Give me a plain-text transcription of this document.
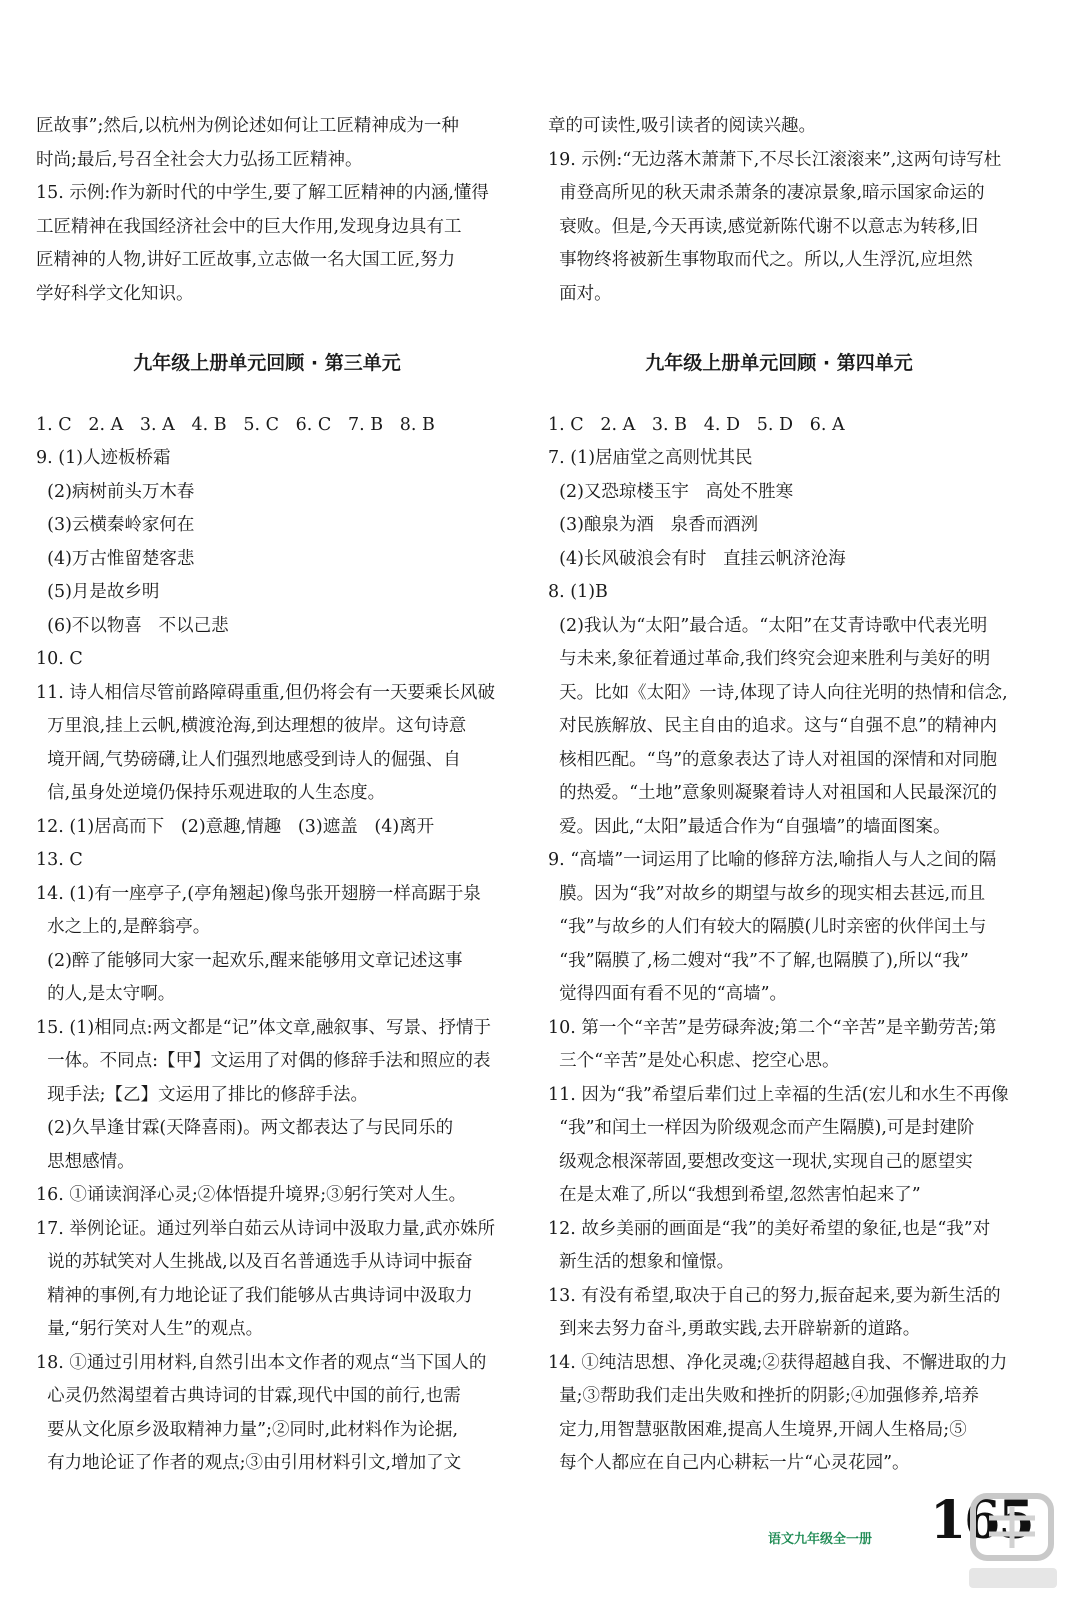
匠故事”;然后,以杭州为例论述如何让工匠精神成为一种
时尚;最后,号召全社会大力弘扬工匠精神。
15. 示例:作为新时代的中学生,要了解工匠精神的内涵,懂得
工匠精神在我国经济社会中的巨大作用,发现身边具有工
匠精神的人物,讲好工匠故事,立志做一名大国工匠,努力
学好科学文化知识。
九年级上册单元回顾 · 第三单元
1. C   2. A   3. A   4. B   5. C   6. C   7. B   8. B
9. (1)人迹板桥霜
(2)病树前头万木春
(3)云横秦岭家何在
(4)万古惟留楚客悲
(5)月是故乡明
(6)不以物喜   不以己悲
10. C
11. 诗人相信尽管前路障碍重重,但仍将会有一天要乘长风破
万里浪,挂上云帆,横渡沧海,到达理想的彼岸。这句诗意
境开阔,气势磅礴,让人们强烈地感受到诗人的倔强、自
信,虽身处逆境仍保持乐观进取的人生态度。
12. (1)居高而下   (2)意趣,情趣   (3)遮盖   (4)离开
13. C
14. (1)有一座亭子,(亭角翘起)像鸟张开翅膀一样高踞于泉
水之上的,是醉翁亭。
(2)醉了能够同大家一起欢乐,醒来能够用文章记述这事
的人,是太守啊。
15. (1)相同点:两文都是“记”体文章,融叙事、写景、抒情于
一体。不同点:【甲】文运用了对偶的修辞手法和照应的表
现手法;【乙】文运用了排比的修辞手法。
(2)久旱逢甘霖(天降喜雨)。两文都表达了与民同乐的
思想感情。
16. ①诵读润泽心灵;②体悟提升境界;③躬行笑对人生。
17. 举例论证。通过列举白茹云从诗词中汲取力量,武亦姝所
说的苏轼笑对人生挑战,以及百名普通选手从诗词中振奋
精神的事例,有力地论证了我们能够从古典诗词中汲取力
量,“躬行笑对人生”的观点。
18. ①通过引用材料,自然引出本文作者的观点“当下国人的
心灵仍然渴望着古典诗词的甘霖,现代中国的前行,也需
要从文化原乡汲取精神力量”;②同时,此材料作为论据,
有力地论证了作者的观点;③由引用材料引文,增加了文
章的可读性,吸引读者的阅读兴趣。
19. 示例:“无边落木萧萧下,不尽长江滚滚来”,这两句诗写杜
甫登高所见的秋天肃杀萧条的凄凉景象,暗示国家命运的
衰败。但是,今天再读,感觉新陈代谢不以意志为转移,旧
事物终将被新生事物取而代之。所以,人生浮沉,应坦然
面对。
九年级上册单元回顾 · 第四单元
1. C   2. A   3. B   4. D   5. D   6. A
7. (1)居庙堂之高则忧其民
(2)又恐琼楼玉宇   高处不胜寒
(3)酿泉为酒   泉香而酒洌
(4)长风破浪会有时   直挂云帆济沧海
8. (1)B
(2)我认为“太阳”最合适。“太阳”在艾青诗歌中代表光明
与未来,象征着通过革命,我们终究会迎来胜利与美好的明
天。比如《太阳》一诗,体现了诗人向往光明的热情和信念,
对民族解放、民主自由的追求。这与“自强不息”的精神内
核相匹配。“鸟”的意象表达了诗人对祖国的深情和对同胞
的热爱。“土地”意象则凝聚着诗人对祖国和人民最深沉的
爱。因此,“太阳”最适合作为“自强墙”的墙面图案。
9. “高墙”一词运用了比喻的修辞方法,喻指人与人之间的隔
膜。因为“我”对故乡的期望与故乡的现实相去甚远,而且
“我”与故乡的人们有较大的隔膜(儿时亲密的伙伴闰土与
“我”隔膜了,杨二嫂对“我”不了解,也隔膜了),所以“我”
觉得四面有看不见的“高墙”。
10. 第一个“辛苦”是劳碌奔波;第二个“辛苦”是辛勤劳苦;第
三个“辛苦”是处心积虑、挖空心思。
11. 因为“我”希望后辈们过上幸福的生活(宏儿和水生不再像
“我”和闰土一样因为阶级观念而产生隔膜),可是封建阶
级观念根深蒂固,要想改变这一现状,实现自己的愿望实
在是太难了,所以“我想到希望,忽然害怕起来了”
12. 故乡美丽的画面是“我”的美好希望的象征,也是“我”对
新生活的想象和憧憬。
13. 有没有希望,取决于自己的努力,振奋起来,要为新生活的
到来去努力奋斗,勇敢实践,去开辟崭新的道路。
14. ①纯洁思想、净化灵魂;②获得超越自我、不懈进取的力
量;③帮助我们走出失败和挫折的阴影;④加强修养,培养
定力,用智慧驱散困难,提高人生境界,开阔人生格局;⑤
每个人都应在自己内心耕耘一片“心灵花园”。
语文九年级全一册 165
